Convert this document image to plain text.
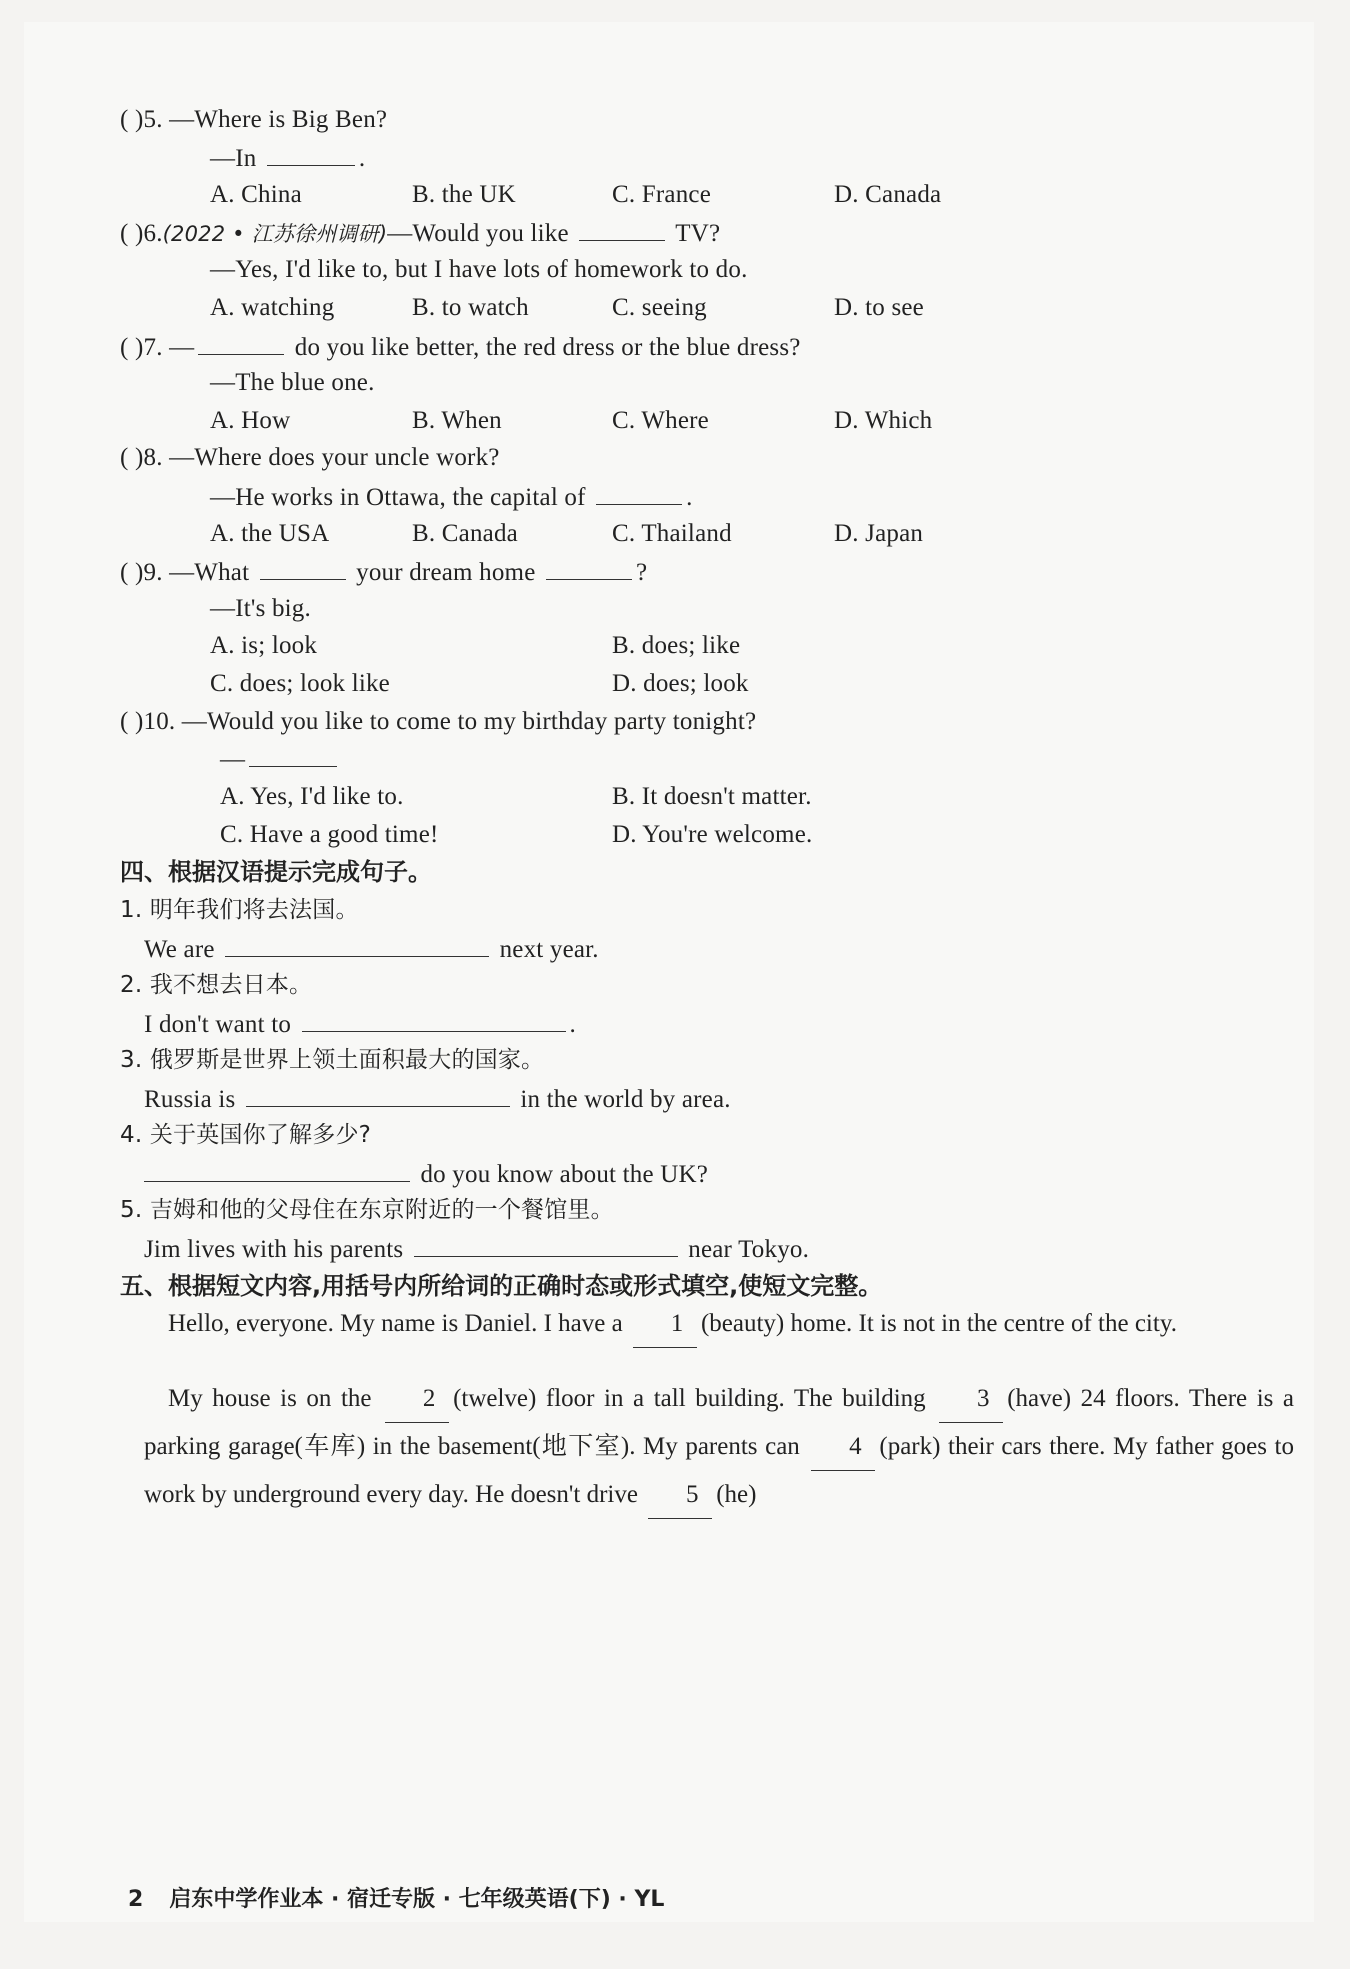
( )5. —Where is Big Ben?
—In	.
A. China	B. the UK	C. France	D. Canada
( )6.(2022 • 江苏徐州调研)—Would you like	TV?
—Yes, I'd like to, but I have lots of homework to do.
A. watching	B. to watch	C. seeing	D. to see
( )7. —	do you like better, the red dress or the blue dress?
—The blue one.
A. How	B. When	C. Where	D. Which
( )8. —Where does your uncle work?
—He works in Ottawa, the capital of	.
A. the USA	B. Canada	C. Thailand	D. Japan
( )9. —What	your dream home	?
—It's big.
A. is; look	B. does; like
C. does; look like	D. does; look
( )10. —Would you like to come to my birthday party tonight?
—
A. Yes, I'd like to.	B. It doesn't matter.
C. Have a good time!	D. You're welcome.
四、根据汉语提示完成句子。
1. 明年我们将去法国。
We are	next year.
2. 我不想去日本。
I don't want to	.
3. 俄罗斯是世界上领土面积最大的国家。
Russia is	in the world by area.
4. 关于英国你了解多少?
do you know about the UK?
5. 吉姆和他的父母住在东京附近的一个餐馆里。
Jim lives with his parents	near Tokyo.
五、根据短文内容,用括号内所给词的正确时态或形式填空,使短文完整。
Hello, everyone. My name is Daniel. I have a 1 (beauty) home. It is not in the centre of the city.
My house is on the 2 (twelve) floor in a tall building. The building 3 (have) 24 floors. There is a parking garage(车库) in the basement(地下室). My parents can 4 (park) their cars there. My father goes to work by underground every day. He doesn't drive 5 (he)
2 启东中学作业本 · 宿迁专版 · 七年级英语(下) · YL
